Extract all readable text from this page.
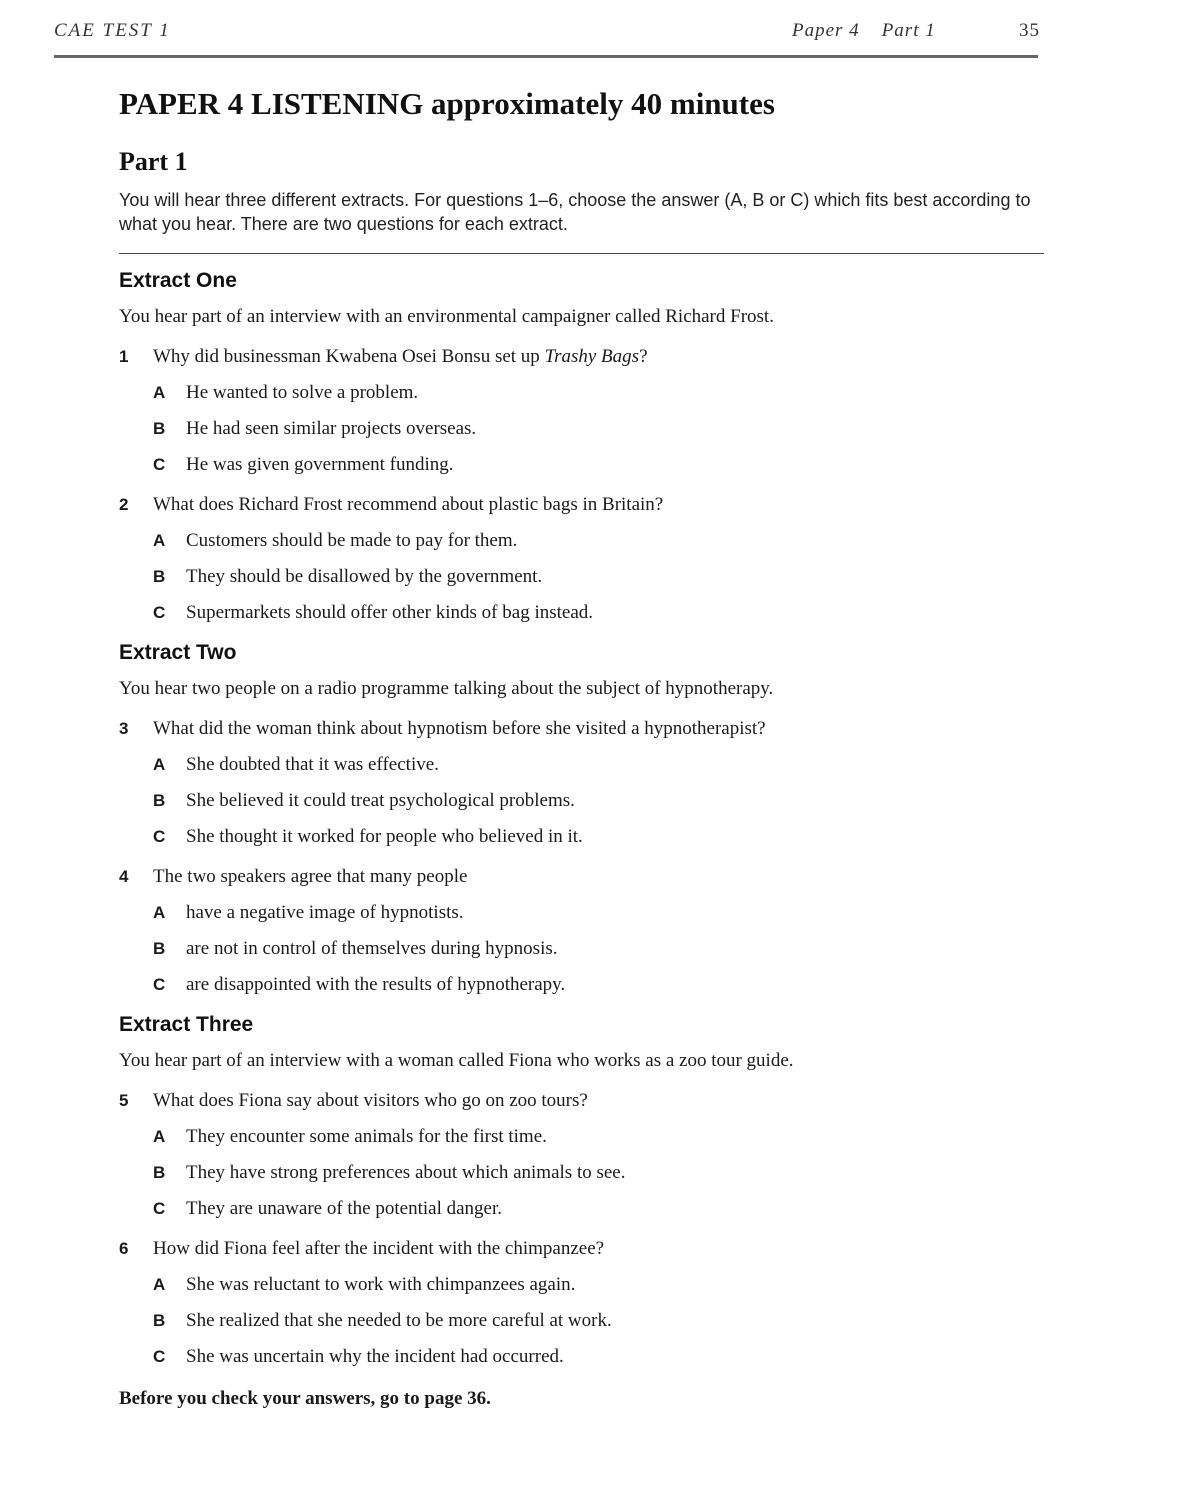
CAE TEST 1	Paper 4 Part 1	35
PAPER 4 LISTENING approximately 40 minutes
Part 1

You will hear three different extracts. For questions 1–6, choose the answer (A, B or C) which fits best according to what you hear. There are two questions for each extract.

Extract One

You hear part of an interview with an environmental campaigner called Richard Frost.

1	Why did businessman Kwabena Osei Bonsu set up Trashy Bags?
A	He wanted to solve a problem.
B	He had seen similar projects overseas.
C	He was given government funding.
2	What does Richard Frost recommend about plastic bags in Britain?
A	Customers should be made to pay for them.
B	They should be disallowed by the government.
C	Supermarkets should offer other kinds of bag instead.
Extract Two

You hear two people on a radio programme talking about the subject of hypnotherapy.

3	What did the woman think about hypnotism before she visited a hypnotherapist?
A	She doubted that it was effective.
B	She believed it could treat psychological problems.
C	She thought it worked for people who believed in it.
4	The two speakers agree that many people
A	have a negative image of hypnotists.
B	are not in control of themselves during hypnosis.
C	are disappointed with the results of hypnotherapy.
Extract Three

You hear part of an interview with a woman called Fiona who works as a zoo tour guide.

5	What does Fiona say about visitors who go on zoo tours?
A	They encounter some animals for the first time.
B	They have strong preferences about which animals to see.
C	They are unaware of the potential danger.
6	How did Fiona feel after the incident with the chimpanzee?
A	She was reluctant to work with chimpanzees again.
B	She realized that she needed to be more careful at work.
C	She was uncertain why the incident had occurred.

Before you check your answers, go to page 36.
